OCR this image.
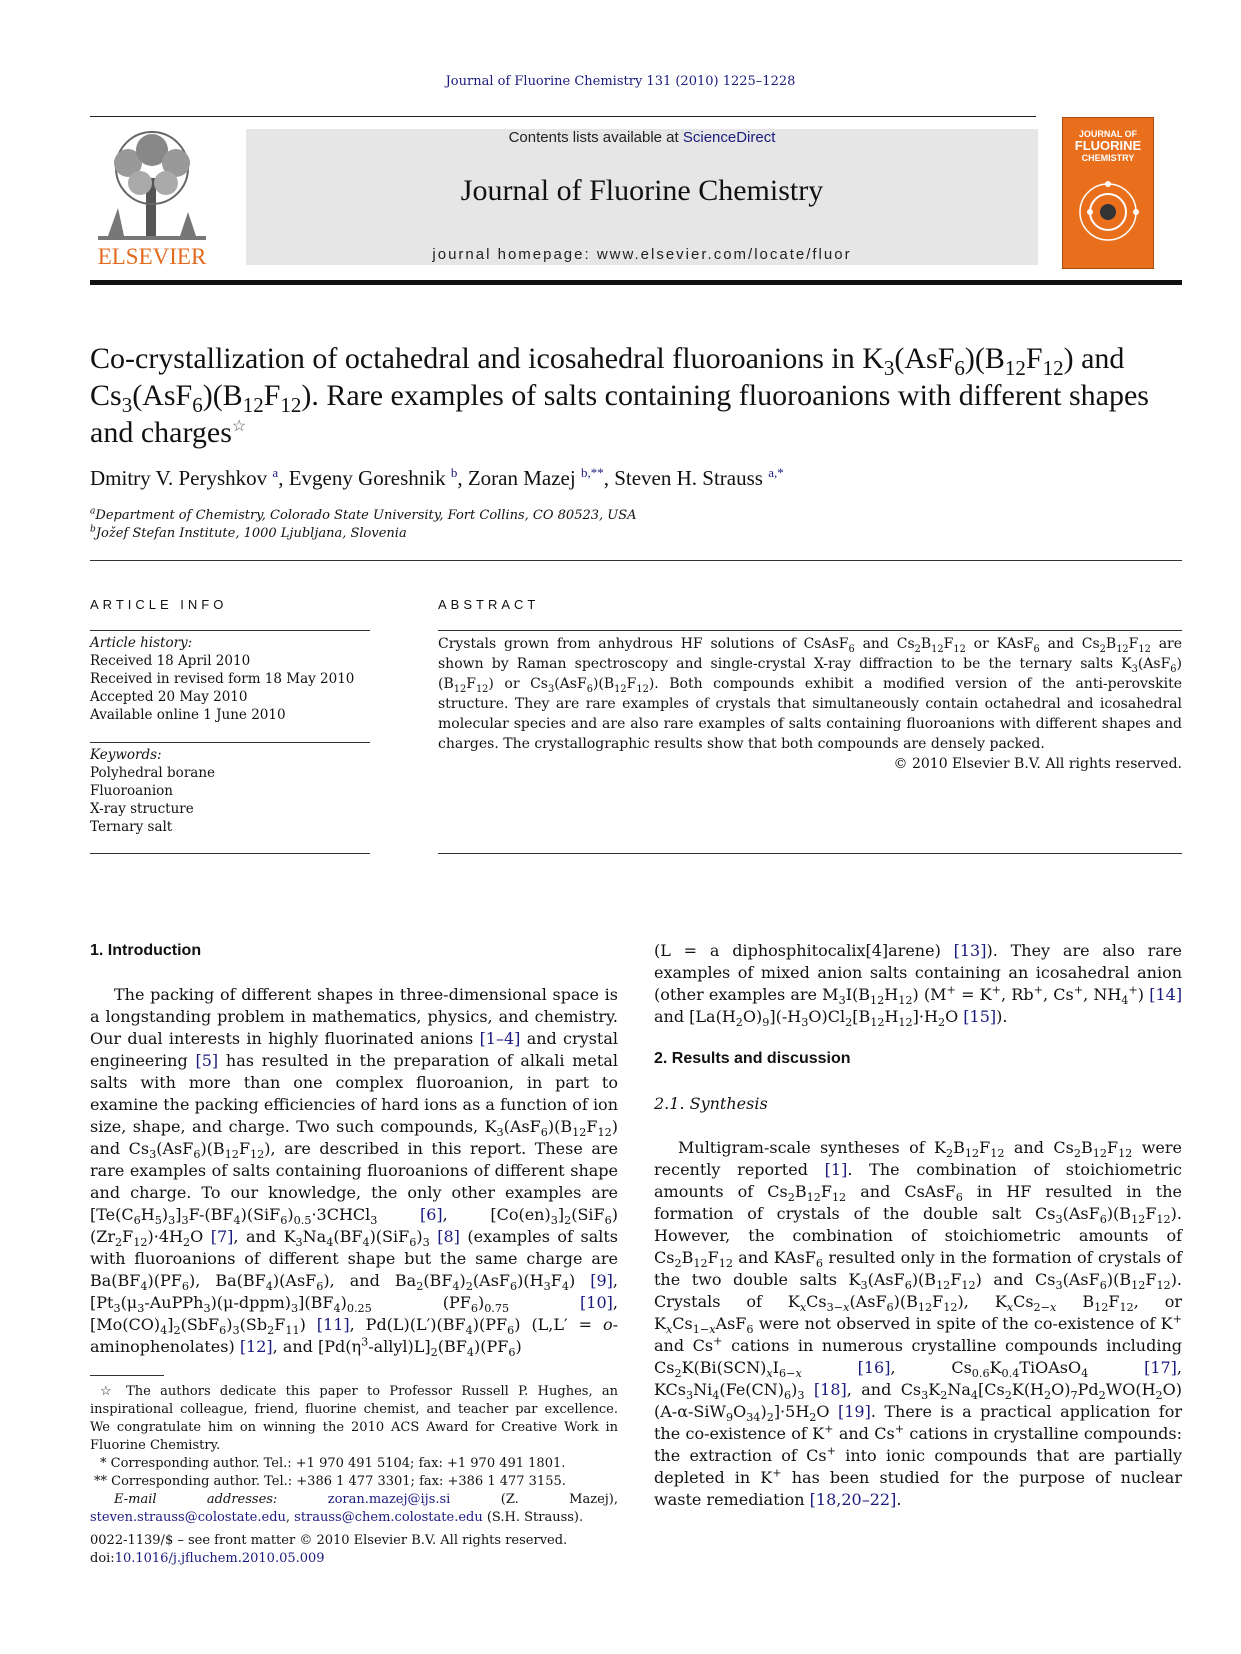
Journal of Fluorine Chemistry 131 (2010) 1225–1228
ELSEVIER
Contents lists available at ScienceDirect
Journal of Fluorine Chemistry
journal homepage: www.elsevier.com/locate/fluor
JOURNAL OF
FLUORINE
CHEMISTRY
Co-crystallization of octahedral and icosahedral fluoroanions in $K_3(AsF_6)(B_{12}F_{12})$ and $Cs_3(AsF_6)(B_{12}F_{12})$. Rare examples of salts containing fluoroanions with different shapes and charges☆
Dmitry V. Peryshkov $^a$, Evgeny Goreshnik $^b$, Zoran Mazej $^{b,**}$, Steven H. Strauss $^{a,*}$
$^a$Department of Chemistry, Colorado State University, Fort Collins, CO 80523, USA
$^b$Jožef Stefan Institute, 1000 Ljubljana, Slovenia
ARTICLE INFO
Article history:
Received 18 April 2010
Received in revised form 18 May 2010
Accepted 20 May 2010
Available online 1 June 2010
Keywords:
Polyhedral borane
Fluoroanion
X-ray structure
Ternary salt
ABSTRACT
Crystals grown from anhydrous HF solutions of CsAsF$_6$ and $Cs_2B_{12}F_{12}$ or KAsF$_6$ and $Cs_2B_{12}F_{12}$ are shown by Raman spectroscopy and single-crystal X-ray diffraction to be the ternary salts $K_3(AsF_6)(B_{12}F_{12})$ or $Cs_3(AsF_6)(B_{12}F_{12})$. Both compounds exhibit a modified version of the anti-perovskite structure. They are rare examples of crystals that simultaneously contain octahedral and icosahedral molecular species and are also rare examples of salts containing fluoroanions with different shapes and charges. The crystallographic results show that both compounds are densely packed.
© 2010 Elsevier B.V. All rights reserved.
1. Introduction

The packing of different shapes in three-dimensional space is a longstanding problem in mathematics, physics, and chemistry. Our dual interests in highly fluorinated anions [1–4] and crystal engineering [5] has resulted in the preparation of alkali metal salts with more than one complex fluoroanion, in part to examine the packing efficiencies of hard ions as a function of ion size, shape, and charge. Two such compounds, $K_3(AsF_6)(B_{12}F_{12})$ and $Cs_3(AsF_6)(B_{12}F_{12})$, are described in this report. These are rare examples of salts containing fluoroanions of different shape and charge. To our knowledge, the only other examples are $[Te(C_6H_5)_3]_3F-(BF_4)(SiF_6)_{0.5}\cdot 3CHCl_3$	[6], $[Co(en)_3]_2(SiF_6)(Zr_2F_{12})\cdot 4H_2O$ [7], and $K_3Na_4(BF_4)(SiF_6)_3$ [8] (examples of salts with fluoroanions of different shape but the same charge are $Ba(BF_4)(PF_6)$, $Ba(BF_4)(AsF_6)$, and $Ba_2(BF_4)_2(AsF_6)(H_3F_4)$ [9], $[Pt_3(\mu_3-AuPPh_3)(\mu-dppm)_3](BF_4)_{0.25}$ $(PF_6)_{0.75}$	[10], $[Mo(CO)_4]_2(SbF_6)_3(Sb_2F_{11})$ [11], $Pd(L)(L')(BF_4)(PF_6) (L,L'$ = o-aminophenolates) [12], and $[Pd(\eta^3-allyl)L]_2(BF_4)(PF_6)$

☆ The authors dedicate this paper to Professor Russell P. Hughes, an inspirational colleague, friend, fluorine chemist, and teacher par excellence. We congratulate him on winning the 2010 ACS Award for Creative Work in Fluorine Chemistry.
* Corresponding author. Tel.: +1 970 491 5104; fax: +1 970 491 1801.
** Corresponding author. Tel.: +386 1 477 3301; fax: +386 1 477 3155.
E-mail addresses: zoran.mazej@ijs.si (Z. Mazej), steven.strauss@colostate.edu, strauss@chem.colostate.edu (S.H. Strauss).
0022-1139/$ – see front matter © 2010 Elsevier B.V. All rights reserved.
doi:10.1016/j.jfluchem.2010.05.009

(L = a diphosphitocalix[4]arene) [13]). They are also rare examples of mixed anion salts containing an icosahedral anion (other examples are $M_3I(B_{12}H_{12}) (M^+ = K^+$, Rb+, Cs+, $NH_4^+$) [14] and $[La(H_2O)_9](-H_3O)Cl_2[B_{12}H_{12}]\cdot H_2O$ [15]).

2. Results and discussion
2.1. Synthesis

Multigram-scale syntheses of $K_2B_{12}F_{12}$ and $Cs_2B_{12}F_{12}$ were recently reported [1]. The combination of stoichiometric amounts of $Cs_2B_{12}F_{12}$ and CsAsF$_6$ in HF resulted in the formation of crystals of the double salt $Cs_3(AsF_6)(B_{12}F_{12})$. However, the combination of stoichiometric amounts of $Cs_2B_{12}F_{12}$ and KAsF$_6$ resulted only in the formation of crystals of the two double salts $K_3(AsF_6)(B_{12}F_{12})$ and $Cs_3(AsF_6)(B_{12}F_{12})$. Crystals of $K_xCs_{3-x}(AsF_6)(B_{12}F_{12})$, $K_xCs_{2-x}$ $B_{12}F_{12}$, or $K_xCs_{1-x}AsF_6$ were not observed in spite of the co-existence of K+ and Cs+ cations in numerous crystalline compounds including $Cs_2K(Bi(SCN)_xI_{6-x}$	[16], $Cs_{0.6}K_{0.4}TiOAsO_4$	[17], $KCs_3Ni_4(Fe(CN)_6)_3$ [18], and $Cs_3K_2Na_4[Cs_2K(H_2O)_7Pd_2WO(H_2O)(A-\alpha-SiW_9O_{34})_2]\cdot 5H_2O$ [19]. There is a practical application for the co-existence of K+ and Cs+ cations in crystalline compounds: the extraction of Cs+ into ionic compounds that are partially depleted in K+ has been studied for the purpose of nuclear waste remediation [18,20–22].
